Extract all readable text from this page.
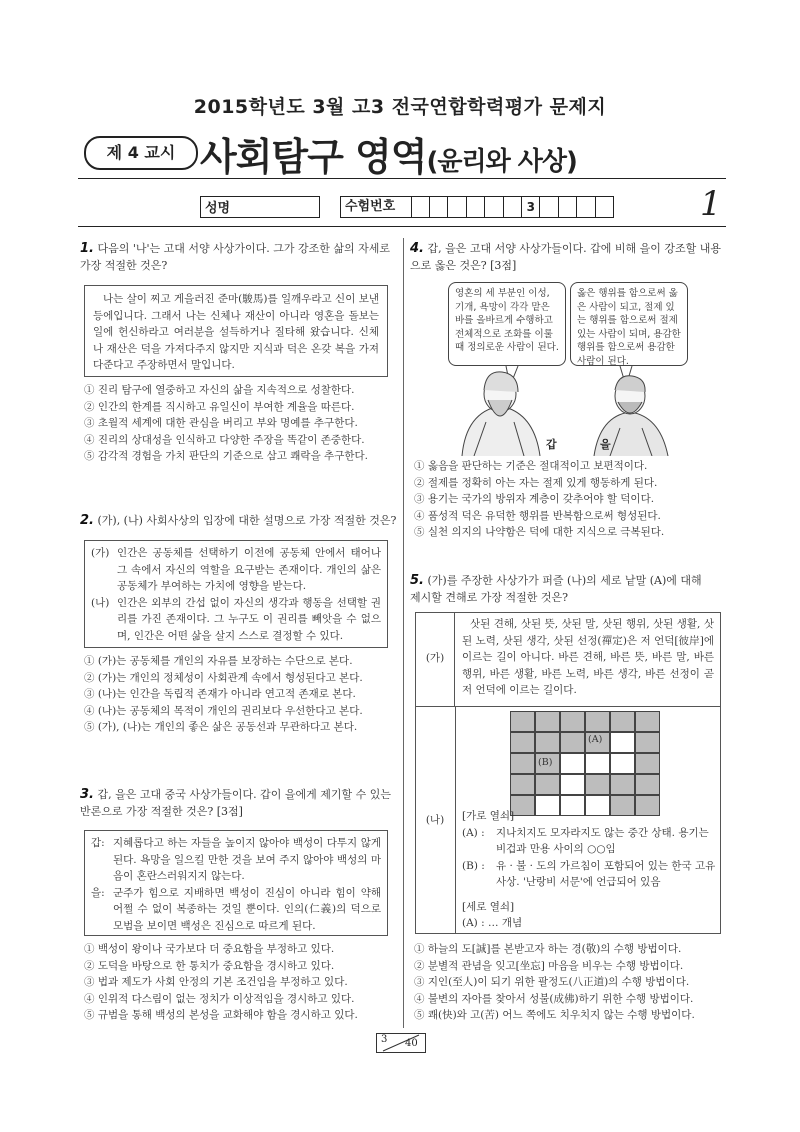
2015학년도 3월 고3 전국연합학력평가 문제지
제 4 교시 사회탐구 영역(윤리와 사상)
성명	수험번호	3	1
1. 다음의 '나'는 고대 서양 사상가이다. 그가 강조한 삶의 자세로
가장 적절한 것은?
나는 살이 찌고 게을러진 준마(駿馬)를 일깨우라고 신이 보낸 등에입니다. 그래서 나는 신체나 재산이 아니라 영혼을 돌보는 일에 헌신하라고 여러분을 설득하거나 질타해 왔습니다. 신체나 재산은 덕을 가져다주지 않지만 지식과 덕은 온갖 복을 가져다준다고 주장하면서 말입니다.
① 진리 탐구에 열중하고 자신의 삶을 지속적으로 성찰한다.
② 인간의 한계를 직시하고 유일신이 부여한 계율을 따른다.
③ 초월적 세계에 대한 관심을 버리고 부와 명예를 추구한다.
④ 진리의 상대성을 인식하고 다양한 주장을 똑같이 존중한다.
⑤ 감각적 경험을 가치 판단의 기준으로 삼고 쾌락을 추구한다.
2. (가), (나) 사회사상의 입장에 대한 설명으로 가장 적절한 것은?
(가) 인간은 공동체를 선택하기 이전에 공동체 안에서 태어나 그 속에서 자신의 역할을 요구받는 존재이다. 개인의 삶은 공동체가 부여하는 가치에 영향을 받는다.
(나) 인간은 외부의 간섭 없이 자신의 생각과 행동을 선택할 권리를 가진 존재이다. 그 누구도 이 권리를 빼앗을 수 없으며, 인간은 어떤 삶을 살지 스스로 결정할 수 있다.
① (가)는 공동체를 개인의 자유를 보장하는 수단으로 본다.
② (가)는 개인의 정체성이 사회관계 속에서 형성된다고 본다.
③ (나)는 인간을 독립적 존재가 아니라 연고적 존재로 본다.
④ (나)는 공동체의 목적이 개인의 권리보다 우선한다고 본다.
⑤ (가), (나)는 개인의 좋은 삶은 공동선과 무관하다고 본다.
3. 갑, 을은 고대 중국 사상가들이다. 갑이 을에게 제기할 수 있는
반론으로 가장 적절한 것은? [3점]
갑: 지혜롭다고 하는 자들을 높이지 않아야 백성이 다투지 않게 된다. 욕망을 일으킬 만한 것을 보여 주지 않아야 백성의 마음이 혼란스러워지지 않는다.
을: 군주가 힘으로 지배하면 백성이 진심이 아니라 힘이 약해 어쩔 수 없이 복종하는 것일 뿐이다. 인의(仁義)의 덕으로 모범을 보이면 백성은 진심으로 따르게 된다.
① 백성이 왕이나 국가보다 더 중요함을 부정하고 있다.
② 도덕을 바탕으로 한 통치가 중요함을 경시하고 있다.
③ 법과 제도가 사회 안정의 기본 조건임을 부정하고 있다.
④ 인위적 다스림이 없는 정치가 이상적임을 경시하고 있다.
⑤ 규범을 통해 백성의 본성을 교화해야 함을 경시하고 있다.
4. 갑, 을은 고대 서양 사상가들이다. 갑에 비해 을이 강조할 내용
으로 옳은 것은? [3점]
영혼의 세 부분인 이성, 기개, 욕망이 각각 맡은 바를 올바르게 수행하고 전체적으로 조화를 이룰 때 정의로운 사람이 된다.
옳은 행위를 함으로써 옳은 사람이 되고, 절제 있는 행위를 함으로써 절제 있는 사람이 되며, 용감한 행위를 함으로써 용감한 사람이 된다.
갑	을
① 옳음을 판단하는 기준은 절대적이고 보편적이다.
② 절제를 정확히 아는 자는 절제 있게 행동하게 된다.
③ 용기는 국가의 방위자 계층이 갖추어야 할 덕이다.
④ 품성적 덕은 유덕한 행위를 반복함으로써 형성된다.
⑤ 실천 의지의 나약함은 덕에 대한 지식으로 극복된다.
5. (가)를 주장한 사상가가 퍼즐 (나)의 세로 낱말 (A)에 대해
제시할 견해로 가장 적절한 것은?
(가)
삿된 견해, 삿된 뜻, 삿된 말, 삿된 행위, 삿된 생활, 삿된 노력, 삿된 생각, 삿된 선정(禪定)은 저 언덕[彼岸]에 이르는 길이 아니다. 바른 견해, 바른 뜻, 바른 말, 바른 행위, 바른 생활, 바른 노력, 바른 생각, 바른 선정이 곧 저 언덕에 이르는 길이다.
(나)
(A)
(B)
[가로 열쇠]
(A) :	지나치지도 모자라지도 않는 중간 상태. 용기는 비겁과 만용 사이의 ○○임
(B) :	유 · 불 · 도의 가르침이 포함되어 있는 한국 고유 사상. '난랑비 서문'에 언급되어 있음
[세로 열쇠]
(A) : … 개념
① 하늘의 도[誠]를 본받고자 하는 경(敬)의 수행 방법이다.
② 분별적 관념을 잊고[坐忘] 마음을 비우는 수행 방법이다.
③ 지인(至人)이 되기 위한 팔정도(八正道)의 수행 방법이다.
④ 불변의 자아를 찾아서 성불(成佛)하기 위한 수행 방법이다.
⑤ 쾌(快)와 고(苦) 어느 쪽에도 치우치지 않는 수행 방법이다.
3 40
